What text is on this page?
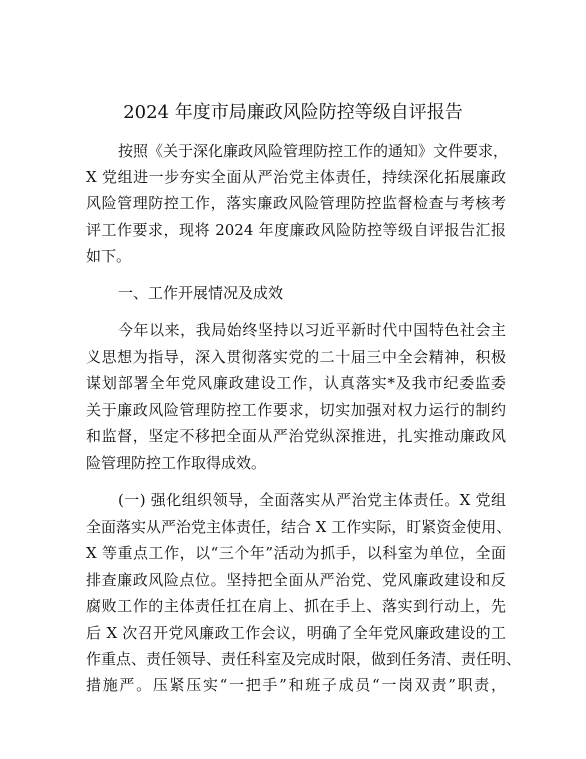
2024 年度市局廉政风险防控等级自评报告
按照《关于深化廉政风险管理防控工作的通知》文件要求，
X 党组进一步夯实全面从严治党主体责任，持续深化拓展廉政
风险管理防控工作，落实廉政风险管理防控监督检查与考核考
评工作要求，现将 2024 年度廉政风险防控等级自评报告汇报
如下。
一、工作开展情况及成效
今年以来，我局始终坚持以习近平新时代中国特色社会主
义思想为指导，深入贯彻落实党的二十届三中全会精神，积极
谋划部署全年党风廉政建设工作，认真落实*及我市纪委监委
关于廉政风险管理防控工作要求，切实加强对权力运行的制约
和监督，坚定不移把全面从严治党纵深推进，扎实推动廉政风
险管理防控工作取得成效。
(一) 强化组织领导，全面落实从严治党主体责任。X 党组
全面落实从严治党主体责任，结合 X 工作实际，盯紧资金使用、
X 等重点工作，以“三个年”活动为抓手，以科室为单位，全面
排查廉政风险点位。坚持把全面从严治党、党风廉政建设和反
腐败工作的主体责任扛在肩上、抓在手上、落实到行动上，先
后 X 次召开党风廉政工作会议，明确了全年党风廉政建设的工
作重点、责任领导、责任科室及完成时限，做到任务清、责任明、
措施严。压紧压实“一把手”和班子成员“一岗双责”职责，
